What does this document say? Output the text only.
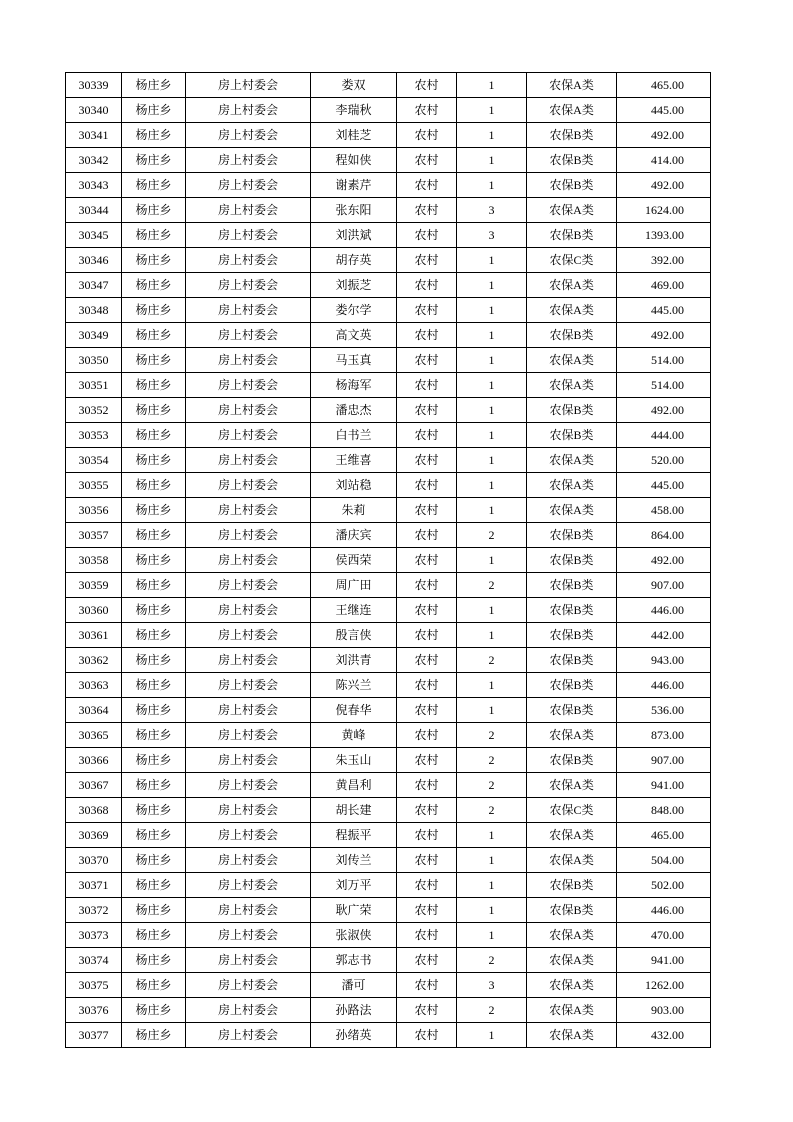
30339	杨庄乡	房上村委会	娄双	农村	1	农保A类	465.00
30340	杨庄乡	房上村委会	李瑞秋	农村	1	农保A类	445.00
30341	杨庄乡	房上村委会	刘桂芝	农村	1	农保B类	492.00
30342	杨庄乡	房上村委会	程如侠	农村	1	农保B类	414.00
30343	杨庄乡	房上村委会	谢素芹	农村	1	农保B类	492.00
30344	杨庄乡	房上村委会	张东阳	农村	3	农保A类	1624.00
30345	杨庄乡	房上村委会	刘洪斌	农村	3	农保B类	1393.00
30346	杨庄乡	房上村委会	胡存英	农村	1	农保C类	392.00
30347	杨庄乡	房上村委会	刘振芝	农村	1	农保A类	469.00
30348	杨庄乡	房上村委会	娄尔学	农村	1	农保A类	445.00
30349	杨庄乡	房上村委会	高文英	农村	1	农保B类	492.00
30350	杨庄乡	房上村委会	马玉真	农村	1	农保A类	514.00
30351	杨庄乡	房上村委会	杨海军	农村	1	农保A类	514.00
30352	杨庄乡	房上村委会	潘忠杰	农村	1	农保B类	492.00
30353	杨庄乡	房上村委会	白书兰	农村	1	农保B类	444.00
30354	杨庄乡	房上村委会	王维喜	农村	1	农保A类	520.00
30355	杨庄乡	房上村委会	刘站稳	农村	1	农保A类	445.00
30356	杨庄乡	房上村委会	朱莉	农村	1	农保A类	458.00
30357	杨庄乡	房上村委会	潘庆宾	农村	2	农保B类	864.00
30358	杨庄乡	房上村委会	侯西荣	农村	1	农保B类	492.00
30359	杨庄乡	房上村委会	周广田	农村	2	农保B类	907.00
30360	杨庄乡	房上村委会	王继连	农村	1	农保B类	446.00
30361	杨庄乡	房上村委会	殷言侠	农村	1	农保B类	442.00
30362	杨庄乡	房上村委会	刘洪青	农村	2	农保B类	943.00
30363	杨庄乡	房上村委会	陈兴兰	农村	1	农保B类	446.00
30364	杨庄乡	房上村委会	倪春华	农村	1	农保B类	536.00
30365	杨庄乡	房上村委会	黄峰	农村	2	农保A类	873.00
30366	杨庄乡	房上村委会	朱玉山	农村	2	农保B类	907.00
30367	杨庄乡	房上村委会	黄昌利	农村	2	农保A类	941.00
30368	杨庄乡	房上村委会	胡长建	农村	2	农保C类	848.00
30369	杨庄乡	房上村委会	程振平	农村	1	农保A类	465.00
30370	杨庄乡	房上村委会	刘传兰	农村	1	农保A类	504.00
30371	杨庄乡	房上村委会	刘万平	农村	1	农保B类	502.00
30372	杨庄乡	房上村委会	耿广荣	农村	1	农保B类	446.00
30373	杨庄乡	房上村委会	张淑侠	农村	1	农保A类	470.00
30374	杨庄乡	房上村委会	郭志书	农村	2	农保A类	941.00
30375	杨庄乡	房上村委会	潘可	农村	3	农保A类	1262.00
30376	杨庄乡	房上村委会	孙路法	农村	2	农保A类	903.00
30377	杨庄乡	房上村委会	孙绪英	农村	1	农保A类	432.00
